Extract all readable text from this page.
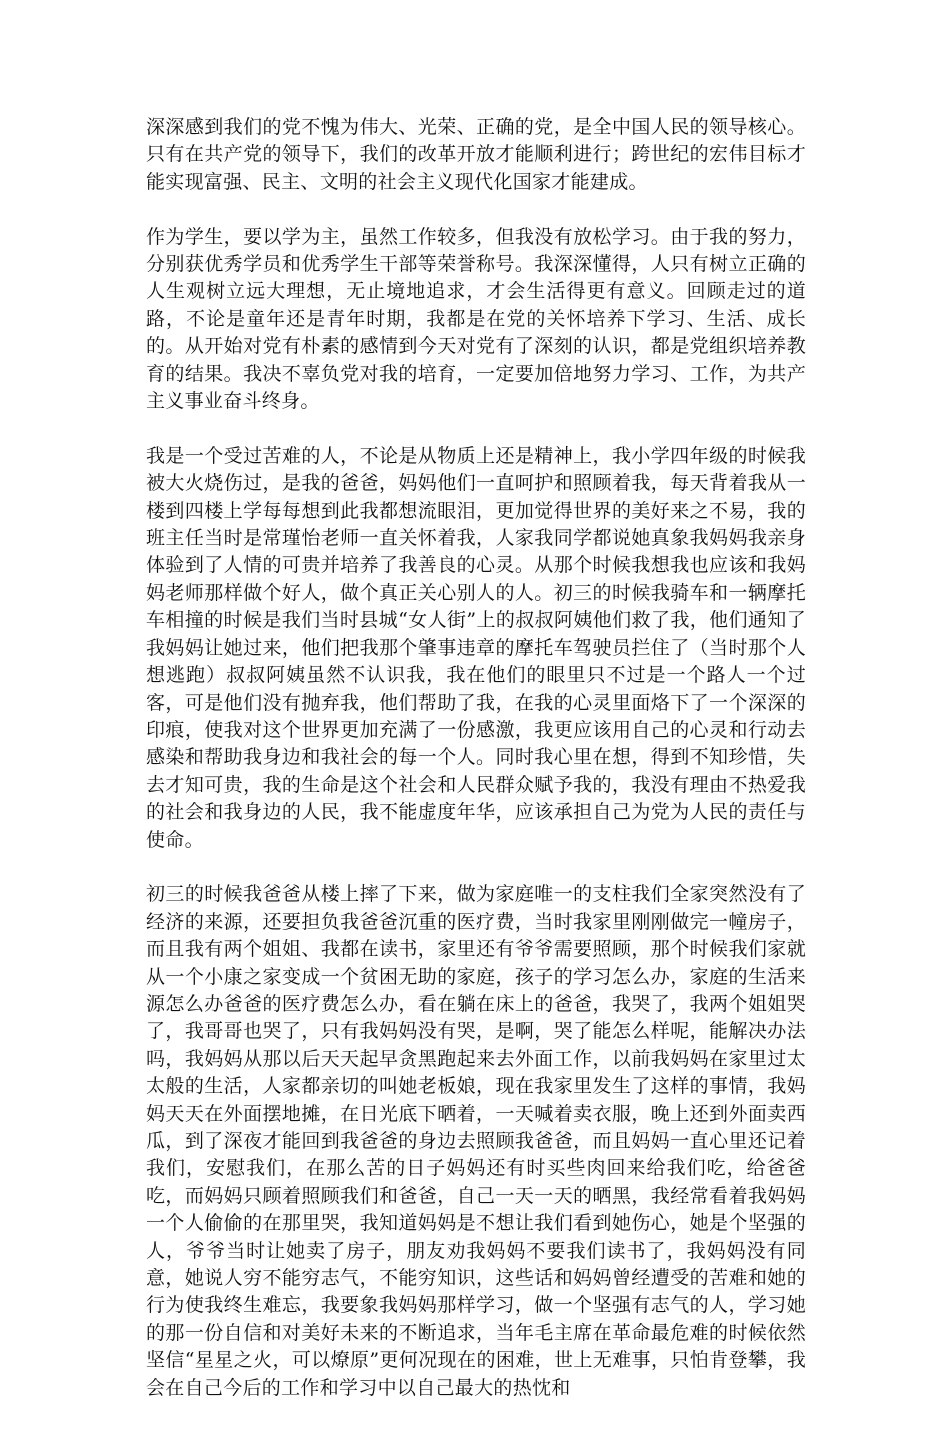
深深感到我们的党不愧为伟大、光荣、正确的党，是全中国人民的领导核心。只有在共产党的领导下，我们的改革开放才能顺利进行；跨世纪的宏伟目标才能实现富强、民主、文明的社会主义现代化国家才能建成。

作为学生，要以学为主，虽然工作较多，但我没有放松学习。由于我的努力，分别获优秀学员和优秀学生干部等荣誉称号。我深深懂得，人只有树立正确的人生观树立远大理想，无止境地追求，才会生活得更有意义。回顾走过的道路，不论是童年还是青年时期，我都是在党的关怀培养下学习、生活、成长的。从开始对党有朴素的感情到今天对党有了深刻的认识，都是党组织培养教育的结果。我决不辜负党对我的培育，一定要加倍地努力学习、工作，为共产主义事业奋斗终身。

我是一个受过苦难的人，不论是从物质上还是精神上，我小学四年级的时候我被大火烧伤过，是我的爸爸，妈妈他们一直呵护和照顾着我，每天背着我从一楼到四楼上学每每想到此我都想流眼泪，更加觉得世界的美好来之不易，我的班主任当时是常瑾怡老师一直关怀着我，人家我同学都说她真象我妈妈我亲身体验到了人情的可贵并培养了我善良的心灵。从那个时候我想我也应该和我妈妈老师那样做个好人，做个真正关心别人的人。初三的时候我骑车和一辆摩托车相撞的时候是我们当时县城“女人街”上的叔叔阿姨他们救了我，他们通知了我妈妈让她过来，他们把我那个肇事违章的摩托车驾驶员拦住了（当时那个人想逃跑）叔叔阿姨虽然不认识我，我在他们的眼里只不过是一个路人一个过客，可是他们没有抛弃我，他们帮助了我，在我的心灵里面烙下了一个深深的印痕，使我对这个世界更加充满了一份感激，我更应该用自己的心灵和行动去感染和帮助我身边和我社会的每一个人。同时我心里在想，得到不知珍惜，失去才知可贵，我的生命是这个社会和人民群众赋予我的，我没有理由不热爱我的社会和我身边的人民，我不能虚度年华，应该承担自己为党为人民的责任与使命。

初三的时候我爸爸从楼上摔了下来，做为家庭唯一的支柱我们全家突然没有了经济的来源，还要担负我爸爸沉重的医疗费，当时我家里刚刚做完一幢房子，而且我有两个姐姐、我都在读书，家里还有爷爷需要照顾，那个时候我们家就从一个小康之家变成一个贫困无助的家庭，孩子的学习怎么办，家庭的生活来源怎么办爸爸的医疗费怎么办，看在躺在床上的爸爸，我哭了，我两个姐姐哭了，我哥哥也哭了，只有我妈妈没有哭，是啊，哭了能怎么样呢，能解决办法吗，我妈妈从那以后天天起早贪黑跑起来去外面工作，以前我妈妈在家里过太太般的生活，人家都亲切的叫她老板娘，现在我家里发生了这样的事情，我妈妈天天在外面摆地摊，在日光底下晒着，一天喊着卖衣服，晚上还到外面卖西瓜，到了深夜才能回到我爸爸的身边去照顾我爸爸，而且妈妈一直心里还记着我们，安慰我们，在那么苦的日子妈妈还有时买些肉回来给我们吃，给爸爸吃，而妈妈只顾着照顾我们和爸爸，自己一天一天的晒黑，我经常看着我妈妈一个人偷偷的在那里哭，我知道妈妈是不想让我们看到她伤心，她是个坚强的人，爷爷当时让她卖了房子，朋友劝我妈妈不要我们读书了，我妈妈没有同意，她说人穷不能穷志气，不能穷知识，这些话和妈妈曾经遭受的苦难和她的行为使我终生难忘，我要象我妈妈那样学习，做一个坚强有志气的人，学习她的那一份自信和对美好未来的不断追求，当年毛主席在革命最危难的时候依然坚信“星星之火，可以燎原”更何况现在的困难，世上无难事，只怕肯登攀，我会在自己今后的工作和学习中以自己最大的热忱和
